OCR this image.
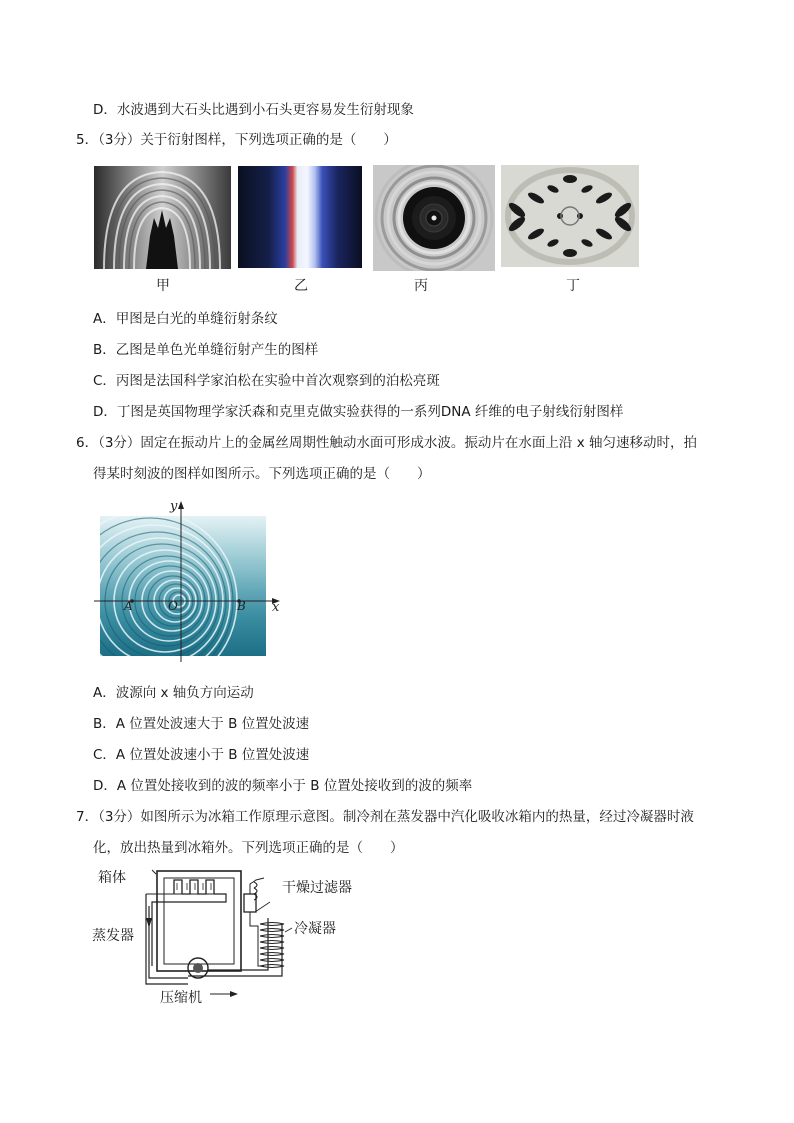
D．水波遇到大石头比遇到小石头更容易发生衍射现象
5．（3分）关于衍射图样，下列选项正确的是（　　）
甲	乙	丙	丁
A．甲图是白光的单缝衍射条纹
B．乙图是单色光单缝衍射产生的图样
C．丙图是法国科学家泊松在实验中首次观察到的泊松亮斑
D．丁图是英国物理学家沃森和克里克做实验获得的一系列DNA 纤维的电子射线衍射图样
6．（3分）固定在振动片上的金属丝周期性触动水面可形成水波。振动片在水面上沿 x 轴匀速移动时，拍
得某时刻波的图样如图所示。下列选项正确的是（　　）
y
x
A	O	B
A．波源向 x 轴负方向运动
B．A 位置处波速大于 B 位置处波速
C．A 位置处波速小于 B 位置处波速
D．A 位置处接收到的波的频率小于 B 位置处接收到的波的频率
7．（3分）如图所示为冰箱工作原理示意图。制冷剂在蒸发器中汽化吸收冰箱内的热量，经过冷凝器时液
化，放出热量到冰箱外。下列选项正确的是（　　）
箱体
干燥过滤器
蒸发器	冷凝器
压缩机
